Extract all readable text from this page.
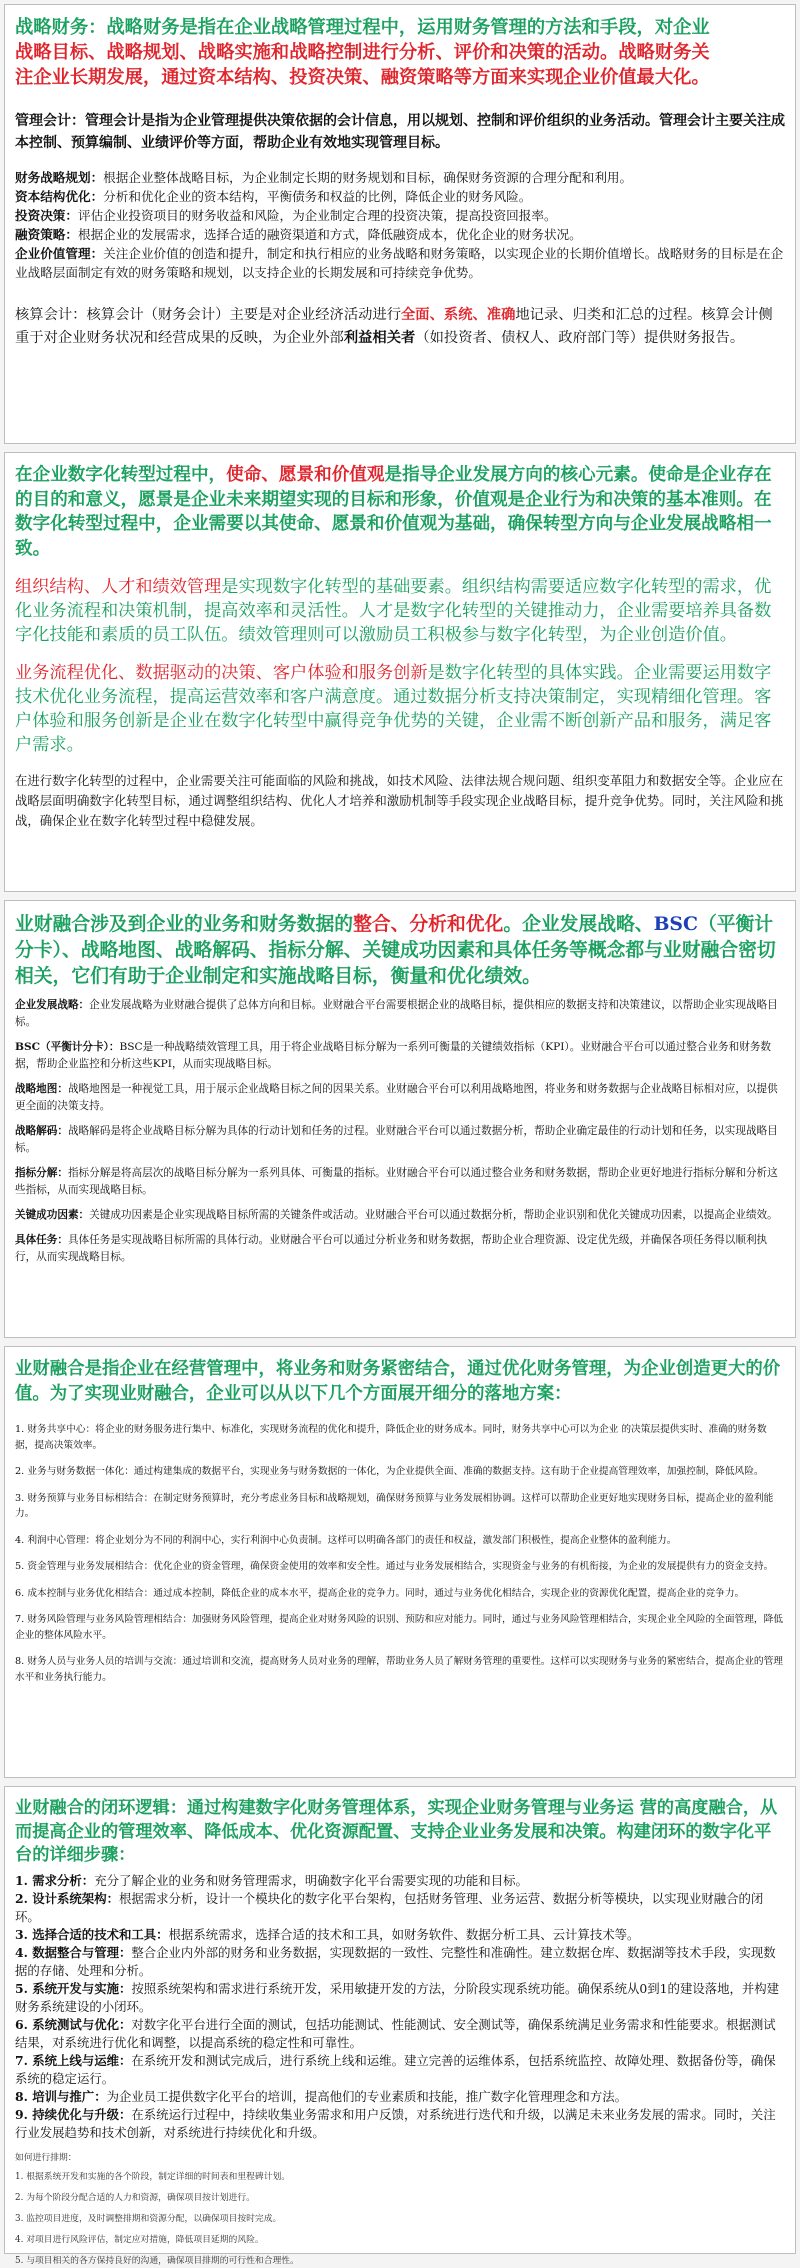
战略财务：战略财务是指在企业战略管理过程中，运用财务管理的方法和手段，对企业

战略目标、战略规划、战略实施和战略控制进行分析、评价和决策的活动。战略财务关

注企业长期发展，通过资本结构、投资决策、融资策略等方面来实现企业价值最大化。

管理会计：管理会计是指为企业管理提供决策依据的会计信息，用以规划、控制和评价组织的业务活动。管理会计主要关注成本控制、预算编制、业绩评价等方面，帮助企业有效地实现管理目标。

财务战略规划：根据企业整体战略目标，为企业制定长期的财务规划和目标，确保财务资源的合理分配和利用。

资本结构优化：分析和优化企业的资本结构，平衡债务和权益的比例，降低企业的财务风险。

投资决策：评估企业投资项目的财务收益和风险，为企业制定合理的投资决策，提高投资回报率。

融资策略：根据企业的发展需求，选择合适的融资渠道和方式，降低融资成本，优化企业的财务状况。

企业价值管理：关注企业价值的创造和提升，制定和执行相应的业务战略和财务策略，以实现企业的长期价值增长。战略财务的目标是在企业战略层面制定有效的财务策略和规划，以支持企业的长期发展和可持续竞争优势。

核算会计：核算会计（财务会计）主要是对企业经济活动进行全面、系统、准确地记录、归类和汇总的过程。核算会计侧重于对企业财务状况和经营成果的反映，为企业外部利益相关者（如投资者、债权人、政府部门等）提供财务报告。

在企业数字化转型过程中，使命、愿景和价值观是指导企业发展方向的核心元素。使命是企业存在的目的和意义，愿景是企业未来期望实现的目标和形象，价值观是企业行为和决策的基本准则。在数字化转型过程中，企业需要以其使命、愿景和价值观为基础，确保转型方向与企业发展战略相一致。

组织结构、人才和绩效管理是实现数字化转型的基础要素。组织结构需要适应数字化转型的需求，优化业务流程和决策机制，提高效率和灵活性。人才是数字化转型的关键推动力，企业需要培养具备数字化技能和素质的员工队伍。绩效管理则可以激励员工积极参与数字化转型，为企业创造价值。

业务流程优化、数据驱动的决策、客户体验和服务创新是数字化转型的具体实践。企业需要运用数字技术优化业务流程，提高运营效率和客户满意度。通过数据分析支持决策制定，实现精细化管理。客户体验和服务创新是企业在数字化转型中赢得竞争优势的关键，企业需不断创新产品和服务，满足客户需求。

在进行数字化转型的过程中，企业需要关注可能面临的风险和挑战，如技术风险、法律法规合规问题、组织变革阻力和数据安全等。企业应在战略层面明确数字化转型目标，通过调整组织结构、优化人才培养和激励机制等手段实现企业战略目标，提升竞争优势。同时，关注风险和挑战，确保企业在数字化转型过程中稳健发展。

业财融合涉及到企业的业务和财务数据的整合、分析和优化。企业发展战略、BSC（平衡计分卡）、战略地图、战略解码、指标分解、关键成功因素和具体任务等概念都与业财融合密切相关，它们有助于企业制定和实施战略目标，衡量和优化绩效。

企业发展战略：企业发展战略为业财融合提供了总体方向和目标。业财融合平台需要根据企业的战略目标，提供相应的数据支持和决策建议，以帮助企业实现战略目标。

BSC（平衡计分卡）：BSC是一种战略绩效管理工具，用于将企业战略目标分解为一系列可衡量的关键绩效指标（KPI）。业财融合平台可以通过整合业务和财务数据，帮助企业监控和分析这些KPI，从而实现战略目标。

战略地图：战略地图是一种视觉工具，用于展示企业战略目标之间的因果关系。业财融合平台可以利用战略地图，将业务和财务数据与企业战略目标相对应，以提供更全面的决策支持。

战略解码：战略解码是将企业战略目标分解为具体的行动计划和任务的过程。业财融合平台可以通过数据分析，帮助企业确定最佳的行动计划和任务，以实现战略目标。

指标分解：指标分解是将高层次的战略目标分解为一系列具体、可衡量的指标。业财融合平台可以通过整合业务和财务数据，帮助企业更好地进行指标分解和分析这些指标，从而实现战略目标。

关键成功因素：关键成功因素是企业实现战略目标所需的关键条件或活动。业财融合平台可以通过数据分析，帮助企业识别和优化关键成功因素，以提高企业绩效。

具体任务：具体任务是实现战略目标所需的具体行动。业财融合平台可以通过分析业务和财务数据，帮助企业合理资源、设定优先级，并确保各项任务得以顺利执行，从而实现战略目标。

业财融合是指企业在经营管理中，将业务和财务紧密结合，通过优化财务管理，为企业创造更大的价值。为了实现业财融合，企业可以从以下几个方面展开细分的落地方案：

1. 财务共享中心：将企业的财务服务进行集中、标准化，实现财务流程的优化和提升，降低企业的财务成本。同时，财务共享中心可以为企业 的决策层提供实时、准确的财务数据，提高决策效率。

2. 业务与财务数据一体化：通过构建集成的数据平台，实现业务与财务数据的一体化，为企业提供全面、准确的数据支持。这有助于企业提高管理效率，加强控制，降低风险。

3. 财务预算与业务目标相结合：在制定财务预算时，充分考虑业务目标和战略规划，确保财务预算与业务发展相协调。这样可以帮助企业更好地实现财务目标，提高企业的盈利能力。

4. 利润中心管理：将企业划分为不同的利润中心，实行利润中心负责制。这样可以明确各部门的责任和权益，激发部门积极性，提高企业整体的盈利能力。

5. 资金管理与业务发展相结合：优化企业的资金管理，确保资金使用的效率和安全性。通过与业务发展相结合，实现资金与业务的有机衔接，为企业的发展提供有力的资金支持。

6. 成本控制与业务优化相结合：通过成本控制，降低企业的成本水平，提高企业的竞争力。同时，通过与业务优化相结合，实现企业的资源优化配置，提高企业的竞争力。

7. 财务风险管理与业务风险管理相结合：加强财务风险管理，提高企业对财务风险的识别、预防和应对能力。同时，通过与业务风险管理相结合，实现企业全风险的全面管理，降低企业的整体风险水平。

8. 财务人员与业务人员的培训与交流：通过培训和交流，提高财务人员对业务的理解，帮助业务人员了解财务管理的重要性。这样可以实现财务与业务的紧密结合，提高企业的管理水平和业务执行能力。

业财融合的闭环逻辑：通过构建数字化财务管理体系，实现企业财务管理与业务运 营的高度融合，从而提高企业的管理效率、降低成本、优化资源配置、支持企业业务发展和决策。构建闭环的数字化平台的详细步骤：

1. 需求分析：充分了解企业的业务和财务管理需求，明确数字化平台需要实现的功能和目标。

2. 设计系统架构：根据需求分析，设计一个模块化的数字化平台架构，包括财务管理、业务运营、数据分析等模块，以实现业财融合的闭环。

3. 选择合适的技术和工具：根据系统需求，选择合适的技术和工具，如财务软件、数据分析工具、云计算技术等。

4. 数据整合与管理：整合企业内外部的财务和业务数据，实现数据的一致性、完整性和准确性。建立数据仓库、数据湖等技术手段，实现数据的存储、处理和分析。

5. 系统开发与实施：按照系统架构和需求进行系统开发，采用敏捷开发的方法，分阶段实现系统功能。确保系统从0到1的建设落地，并构建财务系统建设的小闭环。

6. 系统测试与优化：对数字化平台进行全面的测试，包括功能测试、性能测试、安全测试等，确保系统满足业务需求和性能要求。根据测试结果，对系统进行优化和调整，以提高系统的稳定性和可靠性。

7. 系统上线与运维：在系统开发和测试完成后，进行系统上线和运维。建立完善的运维体系，包括系统监控、故障处理、数据备份等，确保系统的稳定运行。

8. 培训与推广：为企业员工提供数字化平台的培训，提高他们的专业素质和技能，推广数字化管理理念和方法。

9. 持续优化与升级：在系统运行过程中，持续收集业务需求和用户反馈，对系统进行迭代和升级，以满足未来业务发展的需求。同时，关注行业发展趋势和技术创新，对系统进行持续优化和升级。

如何进行排期：

1. 根据系统开发和实施的各个阶段，制定详细的时间表和里程碑计划。

2. 为每个阶段分配合适的人力和资源，确保项目按计划进行。

3. 监控项目进度，及时调整排期和资源分配，以确保项目按时完成。

4. 对项目进行风险评估，制定应对措施，降低项目延期的风险。

5. 与项目相关的各方保持良好的沟通，确保项目排期的可行性和合理性。
